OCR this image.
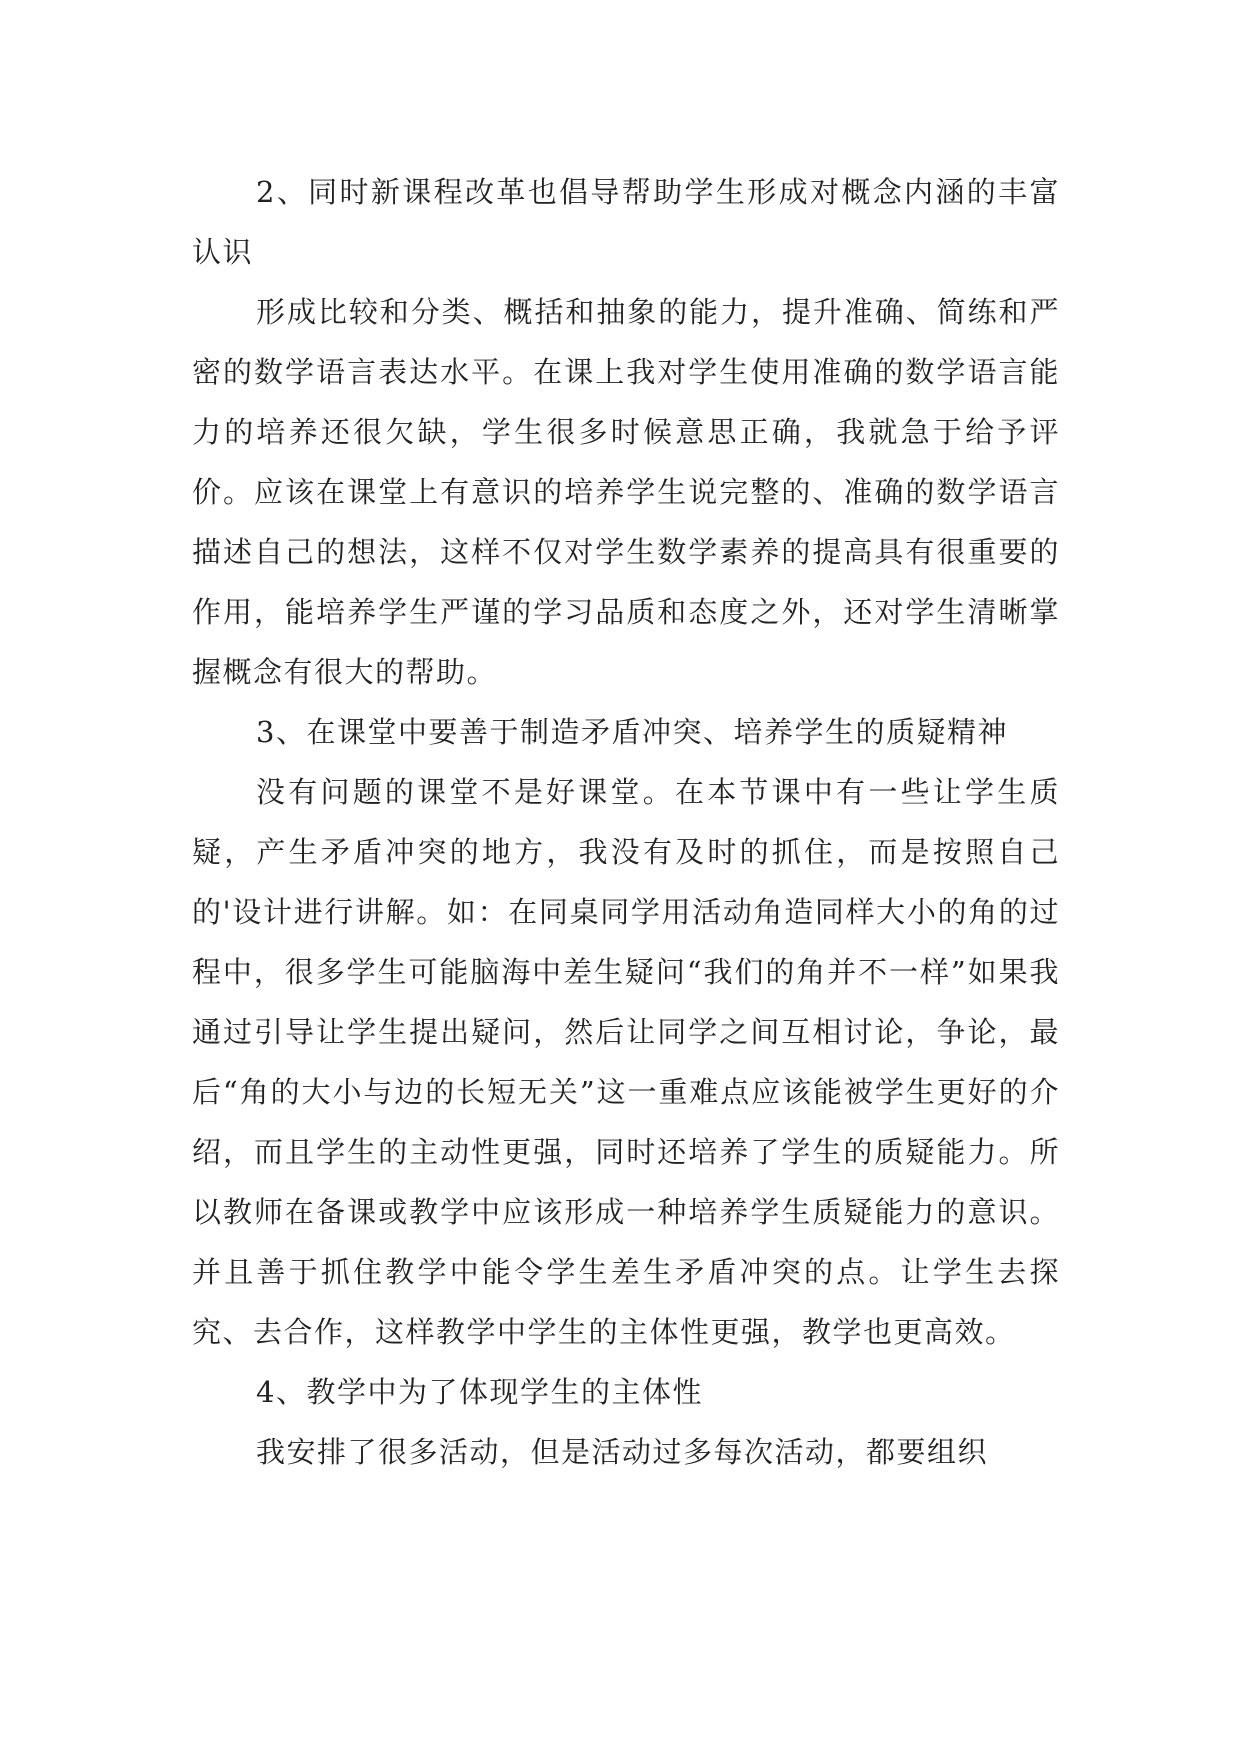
2、同时新课程改革也倡导帮助学生形成对概念内涵的丰富认识

形成比较和分类、概括和抽象的能力，提升准确、简练和严密的数学语言表达水平。在课上我对学生使用准确的数学语言能力的培养还很欠缺，学生很多时候意思正确，我就急于给予评价。应该在课堂上有意识的培养学生说完整的、准确的数学语言描述自己的想法，这样不仅对学生数学素养的提高具有很重要的作用，能培养学生严谨的学习品质和态度之外，还对学生清晰掌握概念有很大的帮助。

3、在课堂中要善于制造矛盾冲突、培养学生的质疑精神

没有问题的课堂不是好课堂。在本节课中有一些让学生质疑，产生矛盾冲突的地方，我没有及时的抓住，而是按照自己的'设计进行讲解。如：在同桌同学用活动角造同样大小的角的过程中，很多学生可能脑海中差生疑问“我们的角并不一样”如果我通过引导让学生提出疑问，然后让同学之间互相讨论，争论，最后“角的大小与边的长短无关”这一重难点应该能被学生更好的介绍，而且学生的主动性更强，同时还培养了学生的质疑能力。所以教师在备课或教学中应该形成一种培养学生质疑能力的意识。并且善于抓住教学中能令学生差生矛盾冲突的点。让学生去探究、去合作，这样教学中学生的主体性更强，教学也更高效。

4、教学中为了体现学生的主体性

我安排了很多活动，但是活动过多每次活动，都要组织
